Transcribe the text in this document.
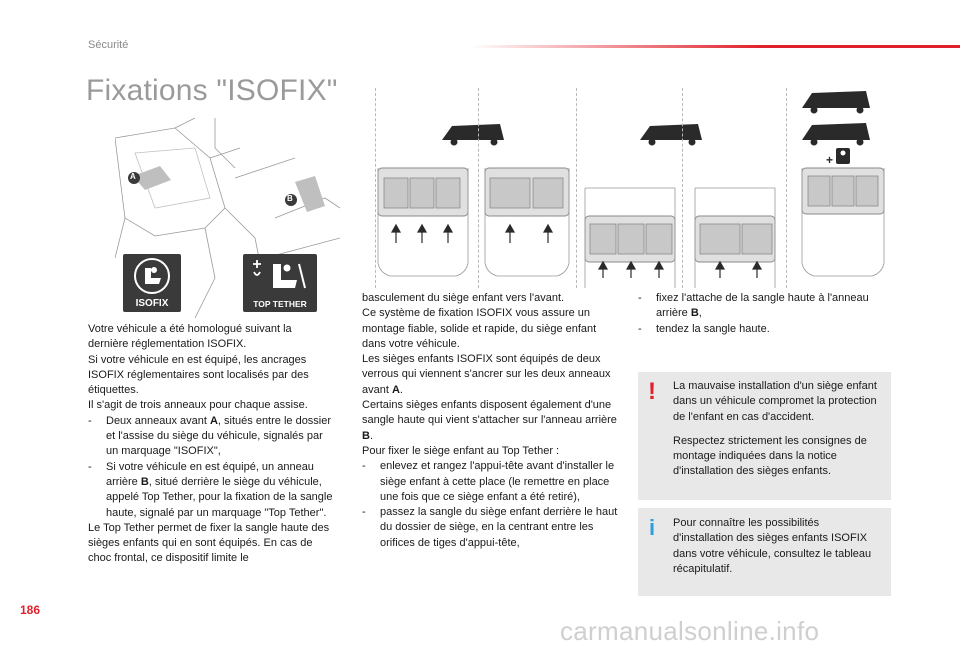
Sécurité
Fixations "ISOFIX"
A
B
ISOFIX	TOP TETHER
+

Votre véhicule a été homologué suivant la dernière réglementation ISOFIX.

Si votre véhicule en est équipé, les ancrages ISOFIX réglementaires sont localisés par des étiquettes.

Il s'agit de trois anneaux pour chaque assise.

- Deux anneaux avant A, situés entre le dossier et l'assise du siège du véhicule, signalés par un marquage "ISOFIX",

- Si votre véhicule en est équipé, un anneau arrière B, situé derrière le siège du véhicule, appelé Top Tether, pour la fixation de la sangle haute, signalé par un marquage "Top Tether".

Le Top Tether permet de fixer la sangle haute des sièges enfants qui en sont équipés. En cas de choc frontal, ce dispositif limite le

basculement du siège enfant vers l'avant.

Ce système de fixation ISOFIX vous assure un montage fiable, solide et rapide, du siège enfant dans votre véhicule.

Les sièges enfants ISOFIX sont équipés de deux verrous qui viennent s'ancrer sur les deux anneaux avant A.

Certains sièges enfants disposent également d'une sangle haute qui vient s'attacher sur l'anneau arrière B.

Pour fixer le siège enfant au Top Tether :

- enlevez et rangez l'appui-tête avant d'installer le siège enfant à cette place (le remettre en place une fois que ce siège enfant a été retiré),

- passez la sangle du siège enfant derrière le haut du dossier de siège, en la centrant entre les orifices de tiges d'appui-tête,

- fixez l'attache de la sangle haute à l'anneau arrière B,

- tendez la sangle haute.

La mauvaise installation d'un siège enfant dans un véhicule compromet la protection de l'enfant en cas d'accident.

Respectez strictement les consignes de montage indiquées dans la notice d'installation des sièges enfants.

!

Pour connaître les possibilités d'installation des sièges enfants ISOFIX dans votre véhicule, consultez le tableau récapitulatif.

i
186
carmanualsonline.info
